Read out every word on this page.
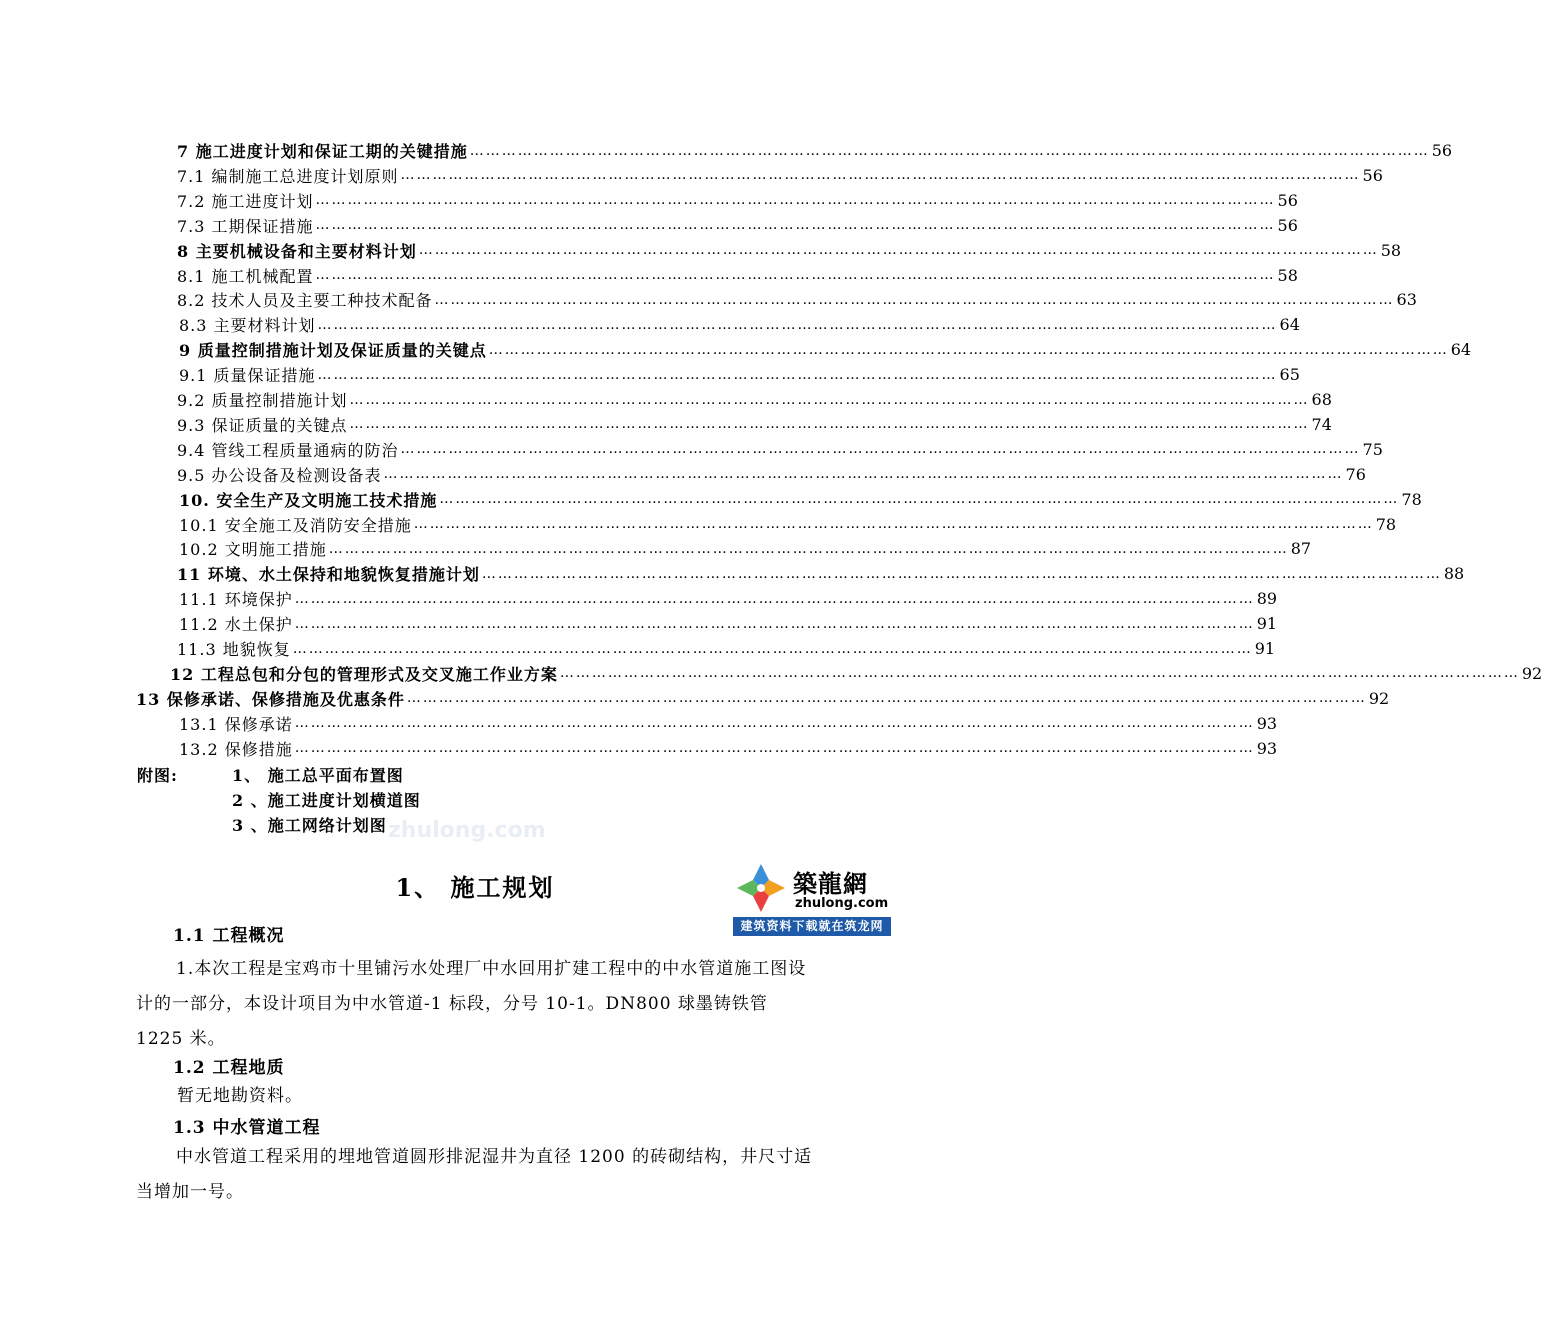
7 施工进度计划和保证工期的关键措施 ……………………………………………………………………………………………………………………………………………………………… 56
7.1 编制施工总进度计划原则 ……………………………………………………………………………………………………………………………………………………………… 56
7.2 施工进度计划 ……………………………………………………………………………………………………………………………………………………………… 56
7.3 工期保证措施 ……………………………………………………………………………………………………………………………………………………………… 56
8 主要机械设备和主要材料计划 ……………………………………………………………………………………………………………………………………………………………… 58
8.1 施工机械配置 ……………………………………………………………………………………………………………………………………………………………… 58
8.2 技术人员及主要工种技术配备 ……………………………………………………………………………………………………………………………………………………………… 63
8.3 主要材料计划 ……………………………………………………………………………………………………………………………………………………………… 64
9 质量控制措施计划及保证质量的关键点 ……………………………………………………………………………………………………………………………………………………………… 64
9.1 质量保证措施 ……………………………………………………………………………………………………………………………………………………………… 65
9.2 质量控制措施计划 ……………………………………………………………………………………………………………………………………………………………… 68
9.3 保证质量的关键点 ……………………………………………………………………………………………………………………………………………………………… 74
9.4 管线工程质量通病的防治 ……………………………………………………………………………………………………………………………………………………………… 75
9.5 办公设备及检测设备表 ……………………………………………………………………………………………………………………………………………………………… 76
10. 安全生产及文明施工技术措施 ……………………………………………………………………………………………………………………………………………………………… 78
10.1 安全施工及消防安全措施 ……………………………………………………………………………………………………………………………………………………………… 78
10.2 文明施工措施 ……………………………………………………………………………………………………………………………………………………………… 87
11 环境、水土保持和地貌恢复措施计划 ……………………………………………………………………………………………………………………………………………………………… 88
11.1 环境保护 ……………………………………………………………………………………………………………………………………………………………… 89
11.2 水土保护 ……………………………………………………………………………………………………………………………………………………………… 91
11.3 地貌恢复 ……………………………………………………………………………………………………………………………………………………………… 91
12 工程总包和分包的管理形式及交叉施工作业方案 ……………………………………………………………………………………………………………………………………………………………… 92
13 保修承诺、保修措施及优惠条件 ……………………………………………………………………………………………………………………………………………………………… 92
13.1 保修承诺 ……………………………………………………………………………………………………………………………………………………………… 93
13.2 保修措施 ……………………………………………………………………………………………………………………………………………………………… 93
附图:	1、 施工总平面布置图
2 、施工进度计划横道图
3 、施工网络计划图 zhulong.com
1、 施工规划	築龍網
zhulong.com
建筑资料下载就在筑龙网
1.1 工程概况
1.本次工程是宝鸡市十里铺污水处理厂中水回用扩建工程中的中水管道施工图设计的一部分，本设计项目为中水管道-1 标段，分号 10-1。DN800 球墨铸铁管 1225 米。
1.2 工程地质
暂无地勘资料。
1.3 中水管道工程
中水管道工程采用的埋地管道圆形排泥湿井为直径 1200 的砖砌结构，井尺寸适当增加一号。
